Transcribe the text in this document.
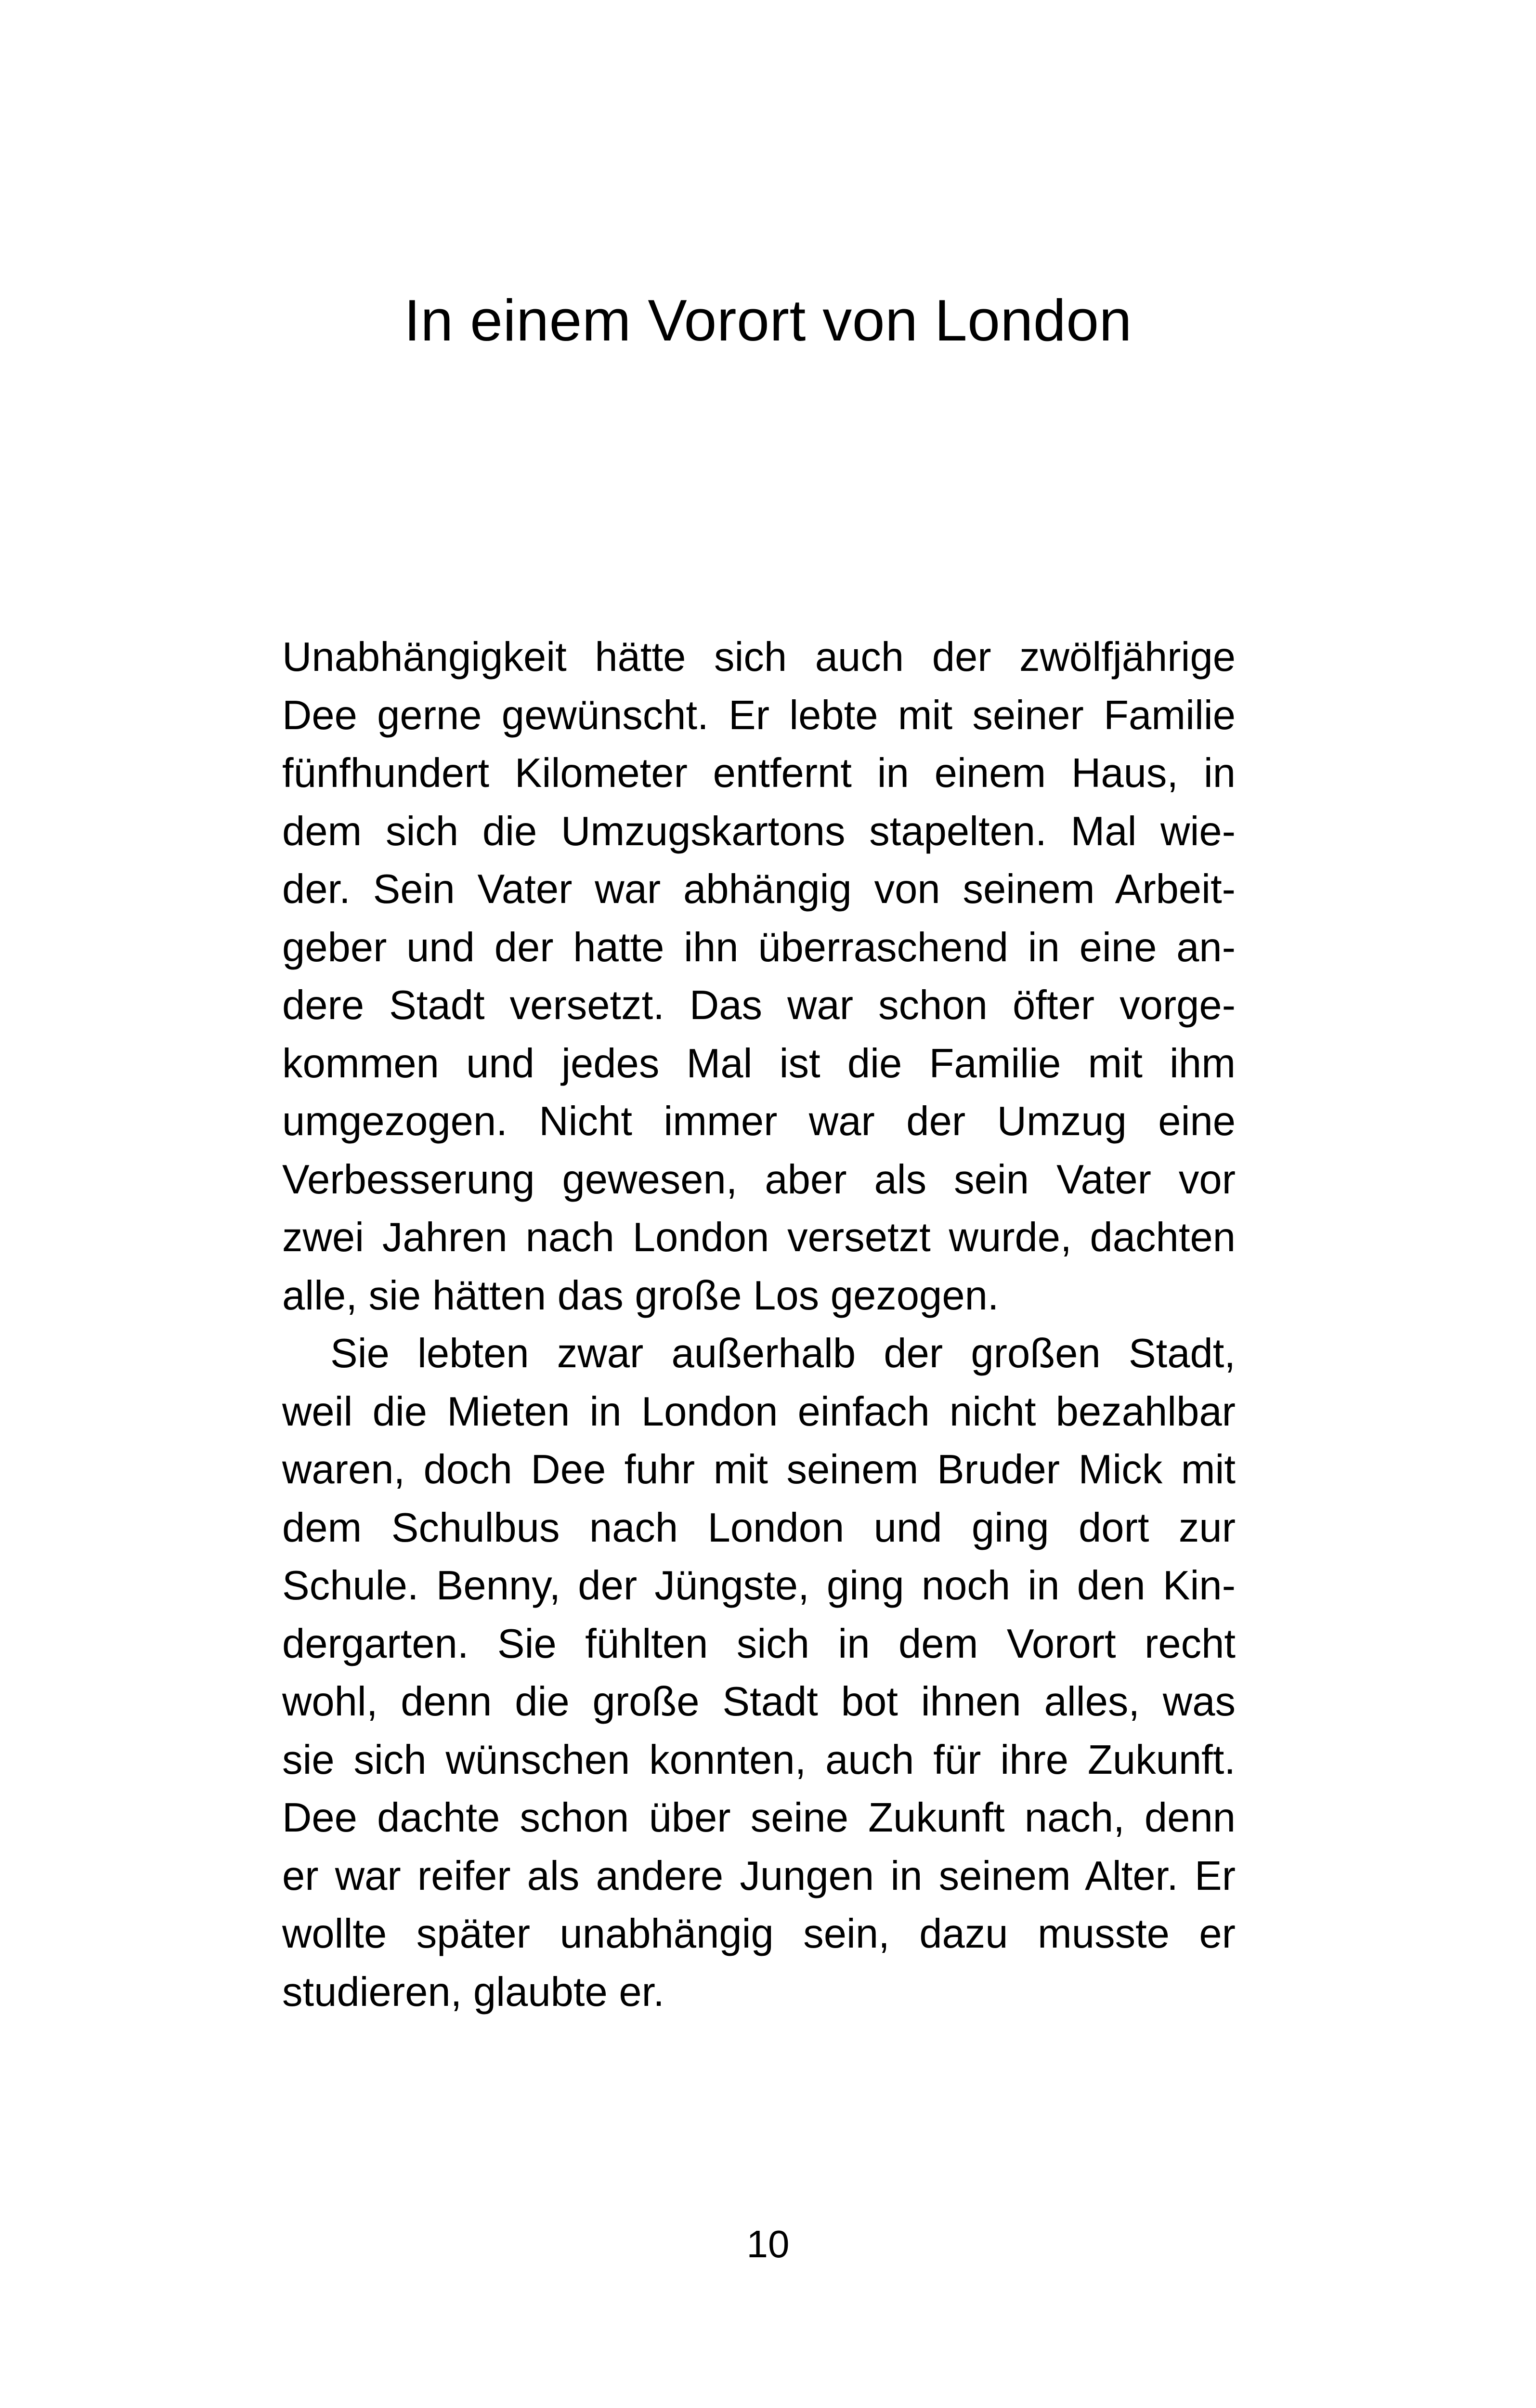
In einem Vorort von London
Unabhängigkeit hätte sich auch der zwölfjährige
Dee gerne gewünscht. Er lebte mit seiner Familie
fünfhundert Kilometer entfernt in einem Haus, in
dem sich die Umzugskartons stapelten. Mal wie-
der. Sein Vater war abhängig von seinem Arbeit-
geber und der hatte ihn überraschend in eine an-
dere Stadt versetzt. Das war schon öfter vorge-
kommen und jedes Mal ist die Familie mit ihm
umgezogen. Nicht immer war der Umzug eine
Verbesserung gewesen, aber als sein Vater vor
zwei Jahren nach London versetzt wurde, dachten
alle, sie hätten das große Los gezogen.
Sie lebten zwar außerhalb der großen Stadt,
weil die Mieten in London einfach nicht bezahlbar
waren, doch Dee fuhr mit seinem Bruder Mick mit
dem Schulbus nach London und ging dort zur
Schule. Benny, der Jüngste, ging noch in den Kin-
dergarten. Sie fühlten sich in dem Vorort recht
wohl, denn die große Stadt bot ihnen alles, was
sie sich wünschen konnten, auch für ihre Zukunft.
Dee dachte schon über seine Zukunft nach, denn
er war reifer als andere Jungen in seinem Alter. Er
wollte später unabhängig sein, dazu musste er
studieren, glaubte er.
10
